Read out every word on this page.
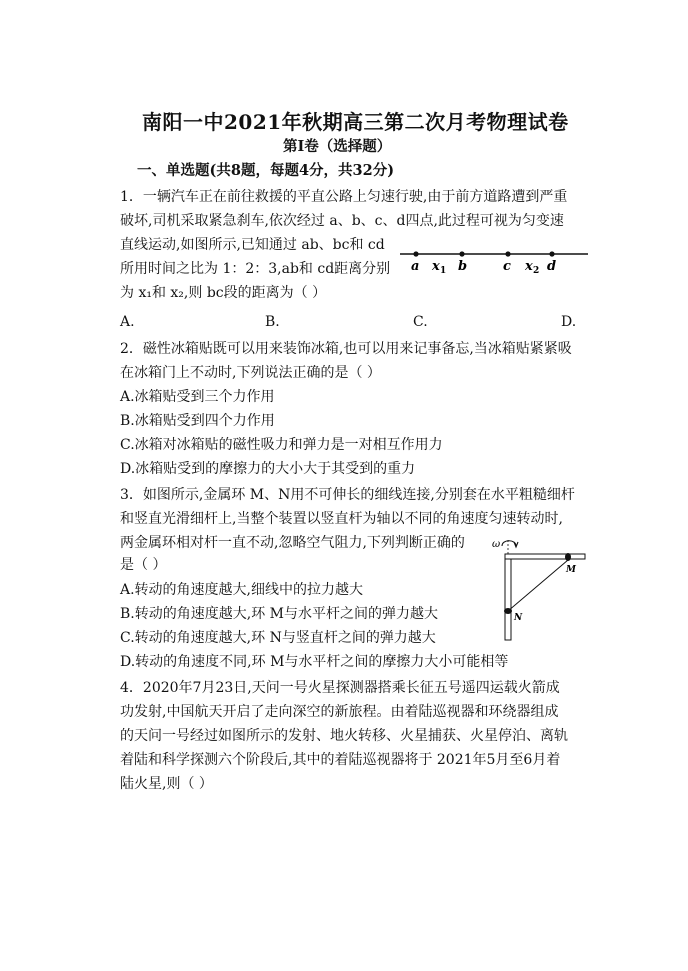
南阳一中2021年秋期高三第二次月考物理试卷
第Ⅰ卷（选择题）
一、单选题(共8题，每题4分，共32分)
1．一辆汽车正在前往救援的平直公路上匀速行驶,由于前方道路遭到严重
破坏,司机采取紧急刹车,依次经过 a、b、c、d四点,此过程可视为匀变速
直线运动,如图所示,已知通过 ab、bc和 cd
所用时间之比为 1：2：3,ab和 cd距离分别
为 x₁和 x₂,则 bc段的距离为（ ）
a x 1 b	c x 2 d
A.	B.	C.	D.
2．磁性冰箱贴既可以用来装饰冰箱,也可以用来记事备忘,当冰箱贴紧紧吸
在冰箱门上不动时,下列说法正确的是（ ）
A.冰箱贴受到三个力作用
B.冰箱贴受到四个力作用
C.冰箱对冰箱贴的磁性吸力和弹力是一对相互作用力
D.冰箱贴受到的摩擦力的大小大于其受到的重力
3．如图所示,金属环 M、N用不可伸长的细线连接,分别套在水平粗糙细杆
和竖直光滑细杆上,当整个装置以竖直杆为轴以不同的角速度匀速转动时,
两金属环相对杆一直不动,忽略空气阻力,下列判断正确的
是（ ）
ω
M
N
A.转动的角速度越大,细线中的拉力越大
B.转动的角速度越大,环 M与水平杆之间的弹力越大
C.转动的角速度越大,环 N与竖直杆之间的弹力越大
D.转动的角速度不同,环 M与水平杆之间的摩擦力大小可能相等
4．2020年7月23日,天问一号火星探测器搭乘长征五号遥四运载火箭成
功发射,中国航天开启了走向深空的新旅程。由着陆巡视器和环绕器组成
的天问一号经过如图所示的发射、地火转移、火星捕获、火星停泊、离轨
着陆和科学探测六个阶段后,其中的着陆巡视器将于 2021年5月至6月着
陆火星,则（ ）
